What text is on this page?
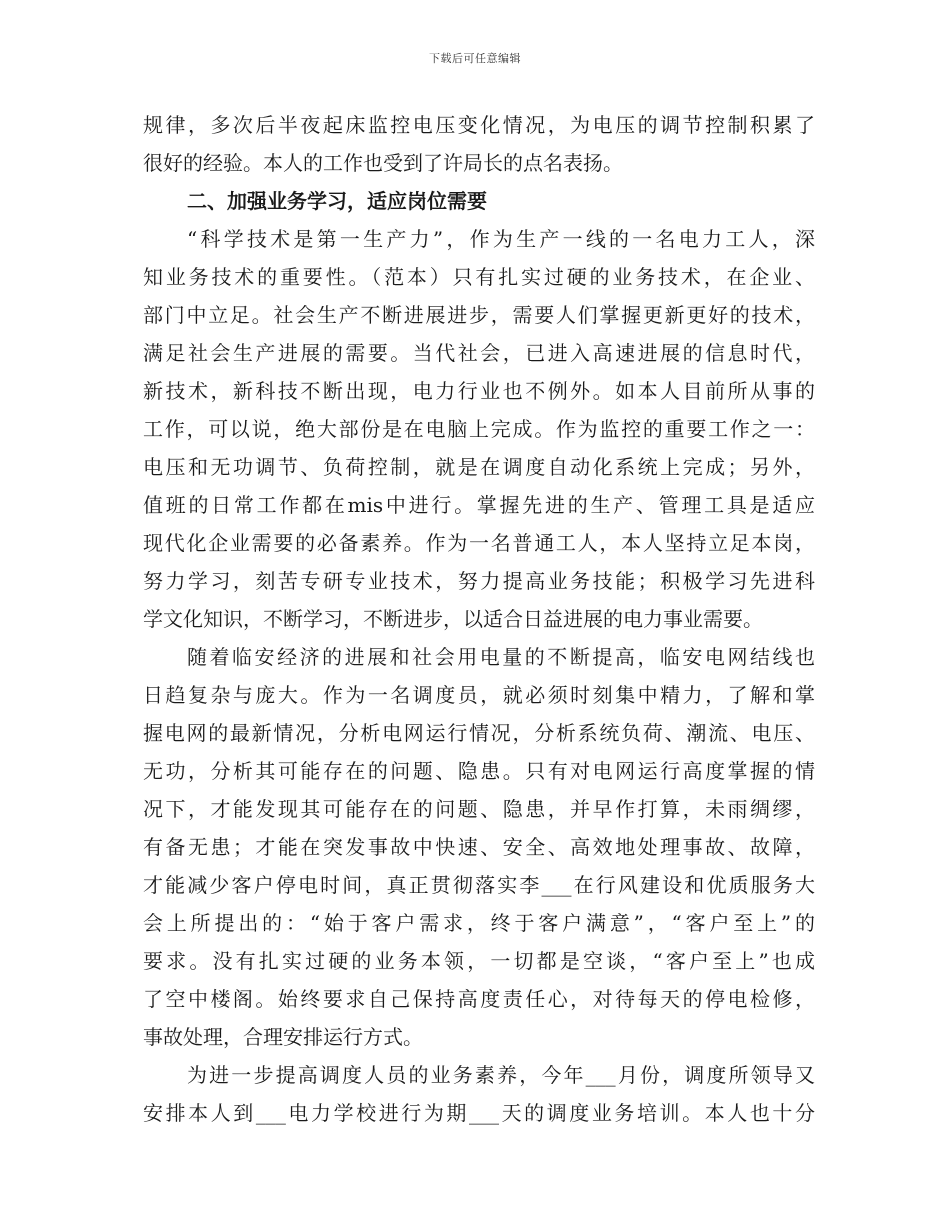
下载后可任意编辑
规律，多次后半夜起床监控电压变化情况，为电压的调节控制积累了
很好的经验。本人的工作也受到了许局长的点名表扬。
二、加强业务学习，适应岗位需要
“科学技术是第一生产力”，作为生产一线的一名电力工人，深
知业务技术的重要性。（范本）只有扎实过硬的业务技术，在企业、
部门中立足。社会生产不断进展进步，需要人们掌握更新更好的技术，
满足社会生产进展的需要。当代社会，已进入高速进展的信息时代，
新技术，新科技不断出现，电力行业也不例外。如本人目前所从事的
工作，可以说，绝大部份是在电脑上完成。作为监控的重要工作之一：
电压和无功调节、负荷控制，就是在调度自动化系统上完成；另外，
值班的日常工作都在mis中进行。掌握先进的生产、管理工具是适应
现代化企业需要的必备素养。作为一名普通工人，本人坚持立足本岗，
努力学习，刻苦专研专业技术，努力提高业务技能；积极学习先进科
学文化知识，不断学习，不断进步，以适合日益进展的电力事业需要。
随着临安经济的进展和社会用电量的不断提高，临安电网结线也
日趋复杂与庞大。作为一名调度员，就必须时刻集中精力，了解和掌
握电网的最新情况，分析电网运行情况，分析系统负荷、潮流、电压、
无功，分析其可能存在的问题、隐患。只有对电网运行高度掌握的情
况下，才能发现其可能存在的问题、隐患，并早作打算，未雨绸缪，
有备无患；才能在突发事故中快速、安全、高效地处理事故、故障，
才能减少客户停电时间，真正贯彻落实李___在行风建设和优质服务大
会上所提出的：“始于客户需求，终于客户满意”，“客户至上”的
要求。没有扎实过硬的业务本领，一切都是空谈，“客户至上”也成
了空中楼阁。始终要求自己保持高度责任心，对待每天的停电检修，
事故处理，合理安排运行方式。
为进一步提高调度人员的业务素养，今年___月份，调度所领导又
安排本人到___电力学校进行为期___天的调度业务培训。本人也十分
